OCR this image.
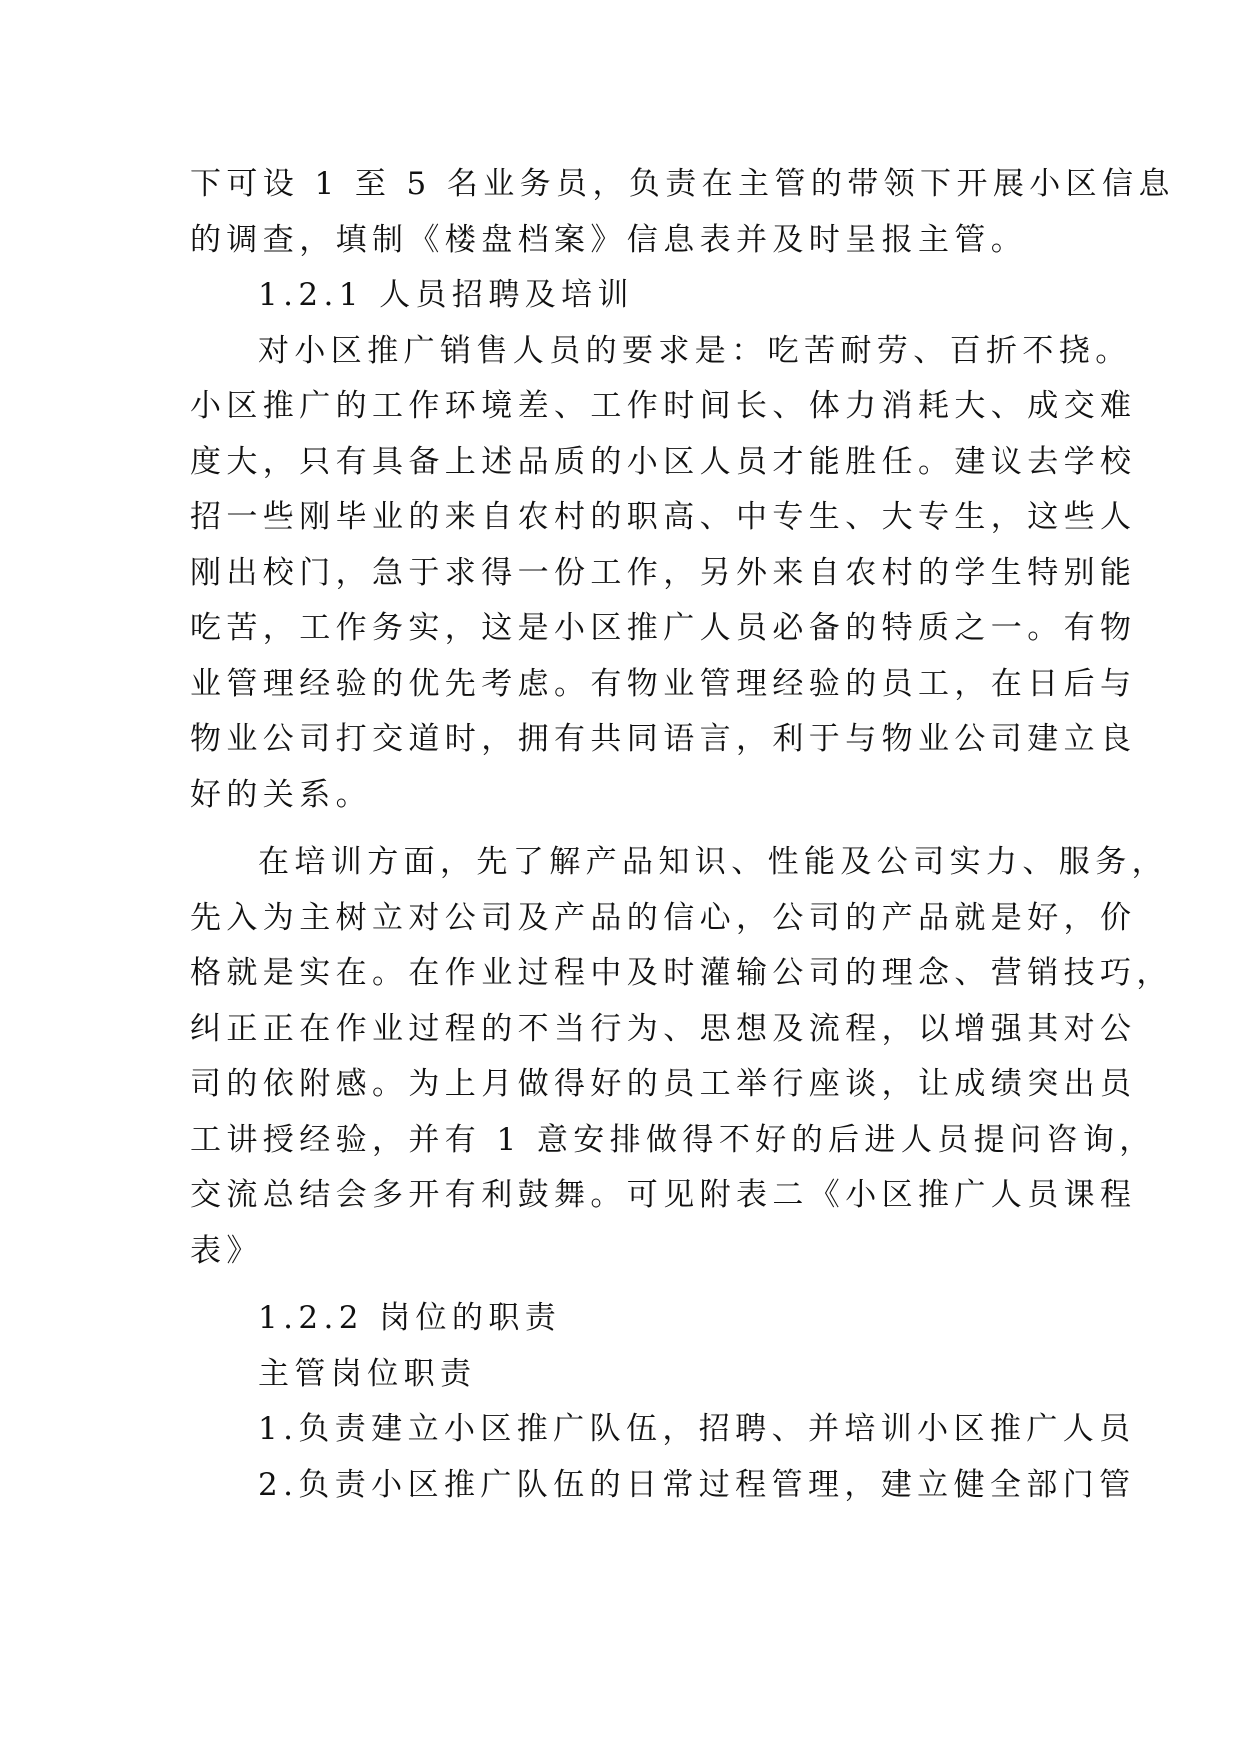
下可设 1 至 5 名业务员，负责在主管的带领下开展小区信息
的调查，填制《楼盘档案》信息表并及时呈报主管。
1.2.1 人员招聘及培训
对小区推广销售人员的要求是：吃苦耐劳、百折不挠。
小区推广的工作环境差、工作时间长、体力消耗大、成交难
度大，只有具备上述品质的小区人员才能胜任。建议去学校
招一些刚毕业的来自农村的职高、中专生、大专生，这些人
刚出校门，急于求得一份工作，另外来自农村的学生特别能
吃苦，工作务实，这是小区推广人员必备的特质之一。有物
业管理经验的优先考虑。有物业管理经验的员工，在日后与
物业公司打交道时，拥有共同语言，利于与物业公司建立良
好的关系。
在培训方面，先了解产品知识、性能及公司实力、服务，
先入为主树立对公司及产品的信心，公司的产品就是好，价
格就是实在。在作业过程中及时灌输公司的理念、营销技巧，
纠正正在作业过程的不当行为、思想及流程，以增强其对公
司的依附感。为上月做得好的员工举行座谈，让成绩突出员
工讲授经验，并有 1 意安排做得不好的后进人员提问咨询，
交流总结会多开有利鼓舞。可见附表二《小区推广人员课程
表》
1.2.2 岗位的职责
主管岗位职责
1.负责建立小区推广队伍，招聘、并培训小区推广人员
2.负责小区推广队伍的日常过程管理，建立健全部门管
